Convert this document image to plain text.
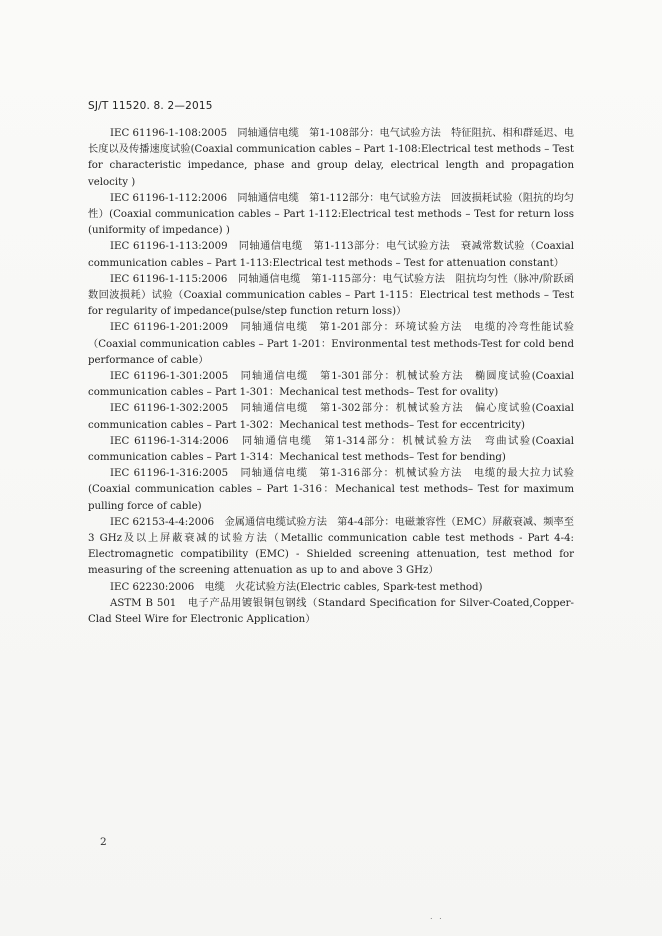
SJ/T 11520. 8. 2—2015

IEC 61196-1-108:2005　同轴通信电缆　第1-108部分：电气试验方法　特征阻抗、相和群延迟、电长度以及传播速度试验(Coaxial communication cables – Part 1-108:Electrical test methods – Test for characteristic impedance, phase and group delay, electrical length and propagation velocity )

IEC 61196-1-112:2006　同轴通信电缆　第1-112部分：电气试验方法　回波损耗试验（阻抗的均匀性）(Coaxial communication cables – Part 1-112:Electrical test methods – Test for return loss (uniformity of impedance) )

IEC 61196-1-113:2009　同轴通信电缆　第1-113部分：电气试验方法　衰减常数试验（Coaxial communication cables – Part 1-113:Electrical test methods – Test for attenuation constant）

IEC 61196-1-115:2006　同轴通信电缆　第1-115部分：电气试验方法　阻抗均匀性（脉冲/阶跃函数回波损耗）试验（Coaxial communication cables – Part 1-115：Electrical test methods – Test for regularity of impedance(pulse/step function return loss)）

IEC 61196-1-201:2009　同轴通信电缆　第1-201部分：环境试验方法　电缆的冷弯性能试验（Coaxial communication cables – Part 1-201：Environmental test methods-Test for cold bend performance of cable）

IEC 61196-1-301:2005　同轴通信电缆　第1-301部分：机械试验方法　椭圆度试验(Coaxial communication cables – Part 1-301：Mechanical test methods– Test for ovality)

IEC 61196-1-302:2005　同轴通信电缆　第1-302部分：机械试验方法　偏心度试验(Coaxial communication cables – Part 1-302：Mechanical test methods– Test for eccentricity)

IEC 61196-1-314:2006　同轴通信电缆　第1-314部分：机械试验方法　弯曲试验(Coaxial communication cables – Part 1-314：Mechanical test methods– Test for bending)

IEC 61196-1-316:2005　同轴通信电缆　第1-316部分：机械试验方法　电缆的最大拉力试验(Coaxial communication cables – Part 1-316：Mechanical test methods– Test for maximum pulling force of cable)

IEC 62153-4-4:2006　金属通信电缆试验方法　第4-4部分：电磁兼容性（EMC）屏蔽衰减、频率至3 GHz及以上屏蔽衰减的试验方法（Metallic communication cable test methods - Part 4-4: Electromagnetic compatibility (EMC) - Shielded screening attenuation, test method for measuring of the screening attenuation as up to and above 3 GHz）

IEC 62230:2006　电缆　火花试验方法(Electric cables, Spark-test method)

ASTM B 501　电子产品用镀银铜包钢线（Standard Specification for Silver-Coated,Copper-Clad Steel Wire for Electronic Application）

2
. .
